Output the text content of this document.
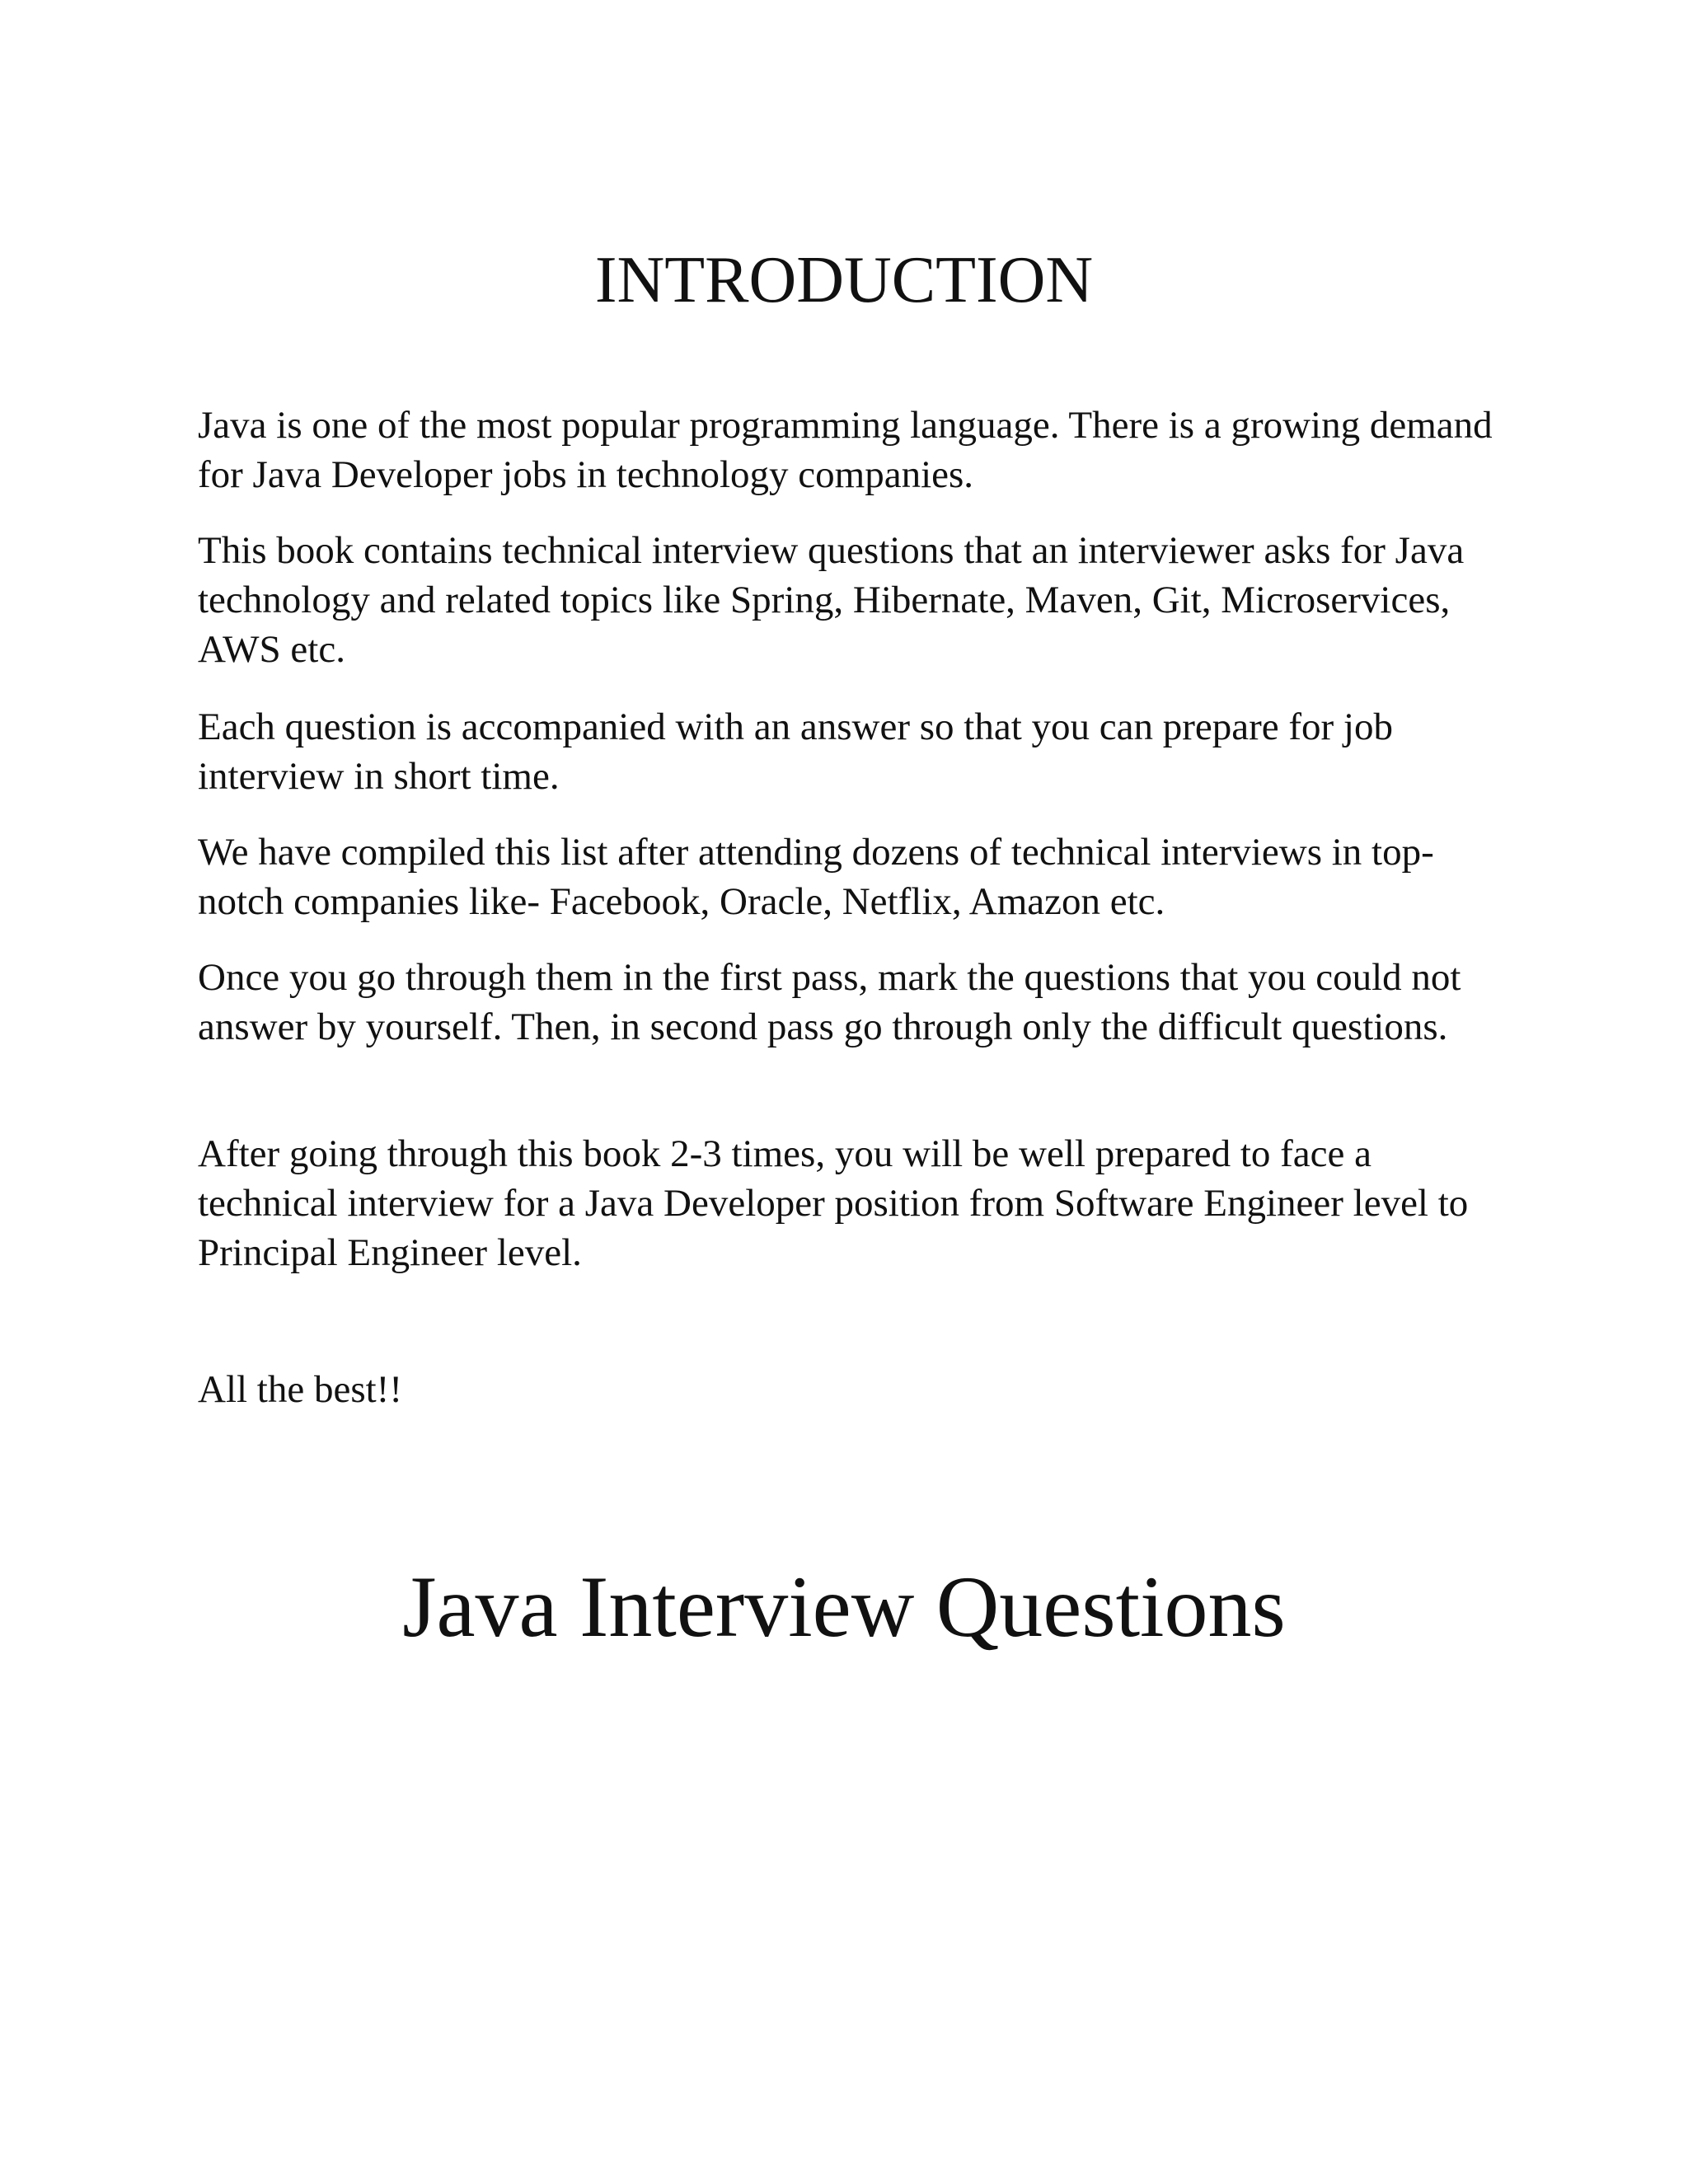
INTRODUCTION

Java is one of the most popular programming language. There is a growing demand for Java Developer jobs in technology companies.

This book contains technical interview questions that an interviewer asks for Java technology and related topics like Spring, Hibernate, Maven, Git, Microservices, AWS etc.

Each question is accompanied with an answer so that you can prepare for job interview in short time.

We have compiled this list after attending dozens of technical interviews in top-notch companies like- Facebook, Oracle, Netflix, Amazon etc.

Once you go through them in the first pass, mark the questions that you could not answer by yourself. Then, in second pass go through only the difficult questions.

After going through this book 2-3 times, you will be well prepared to face a technical interview for a Java Developer position from Software Engineer level to Principal Engineer level.

All the best!!

Java Interview Questions
